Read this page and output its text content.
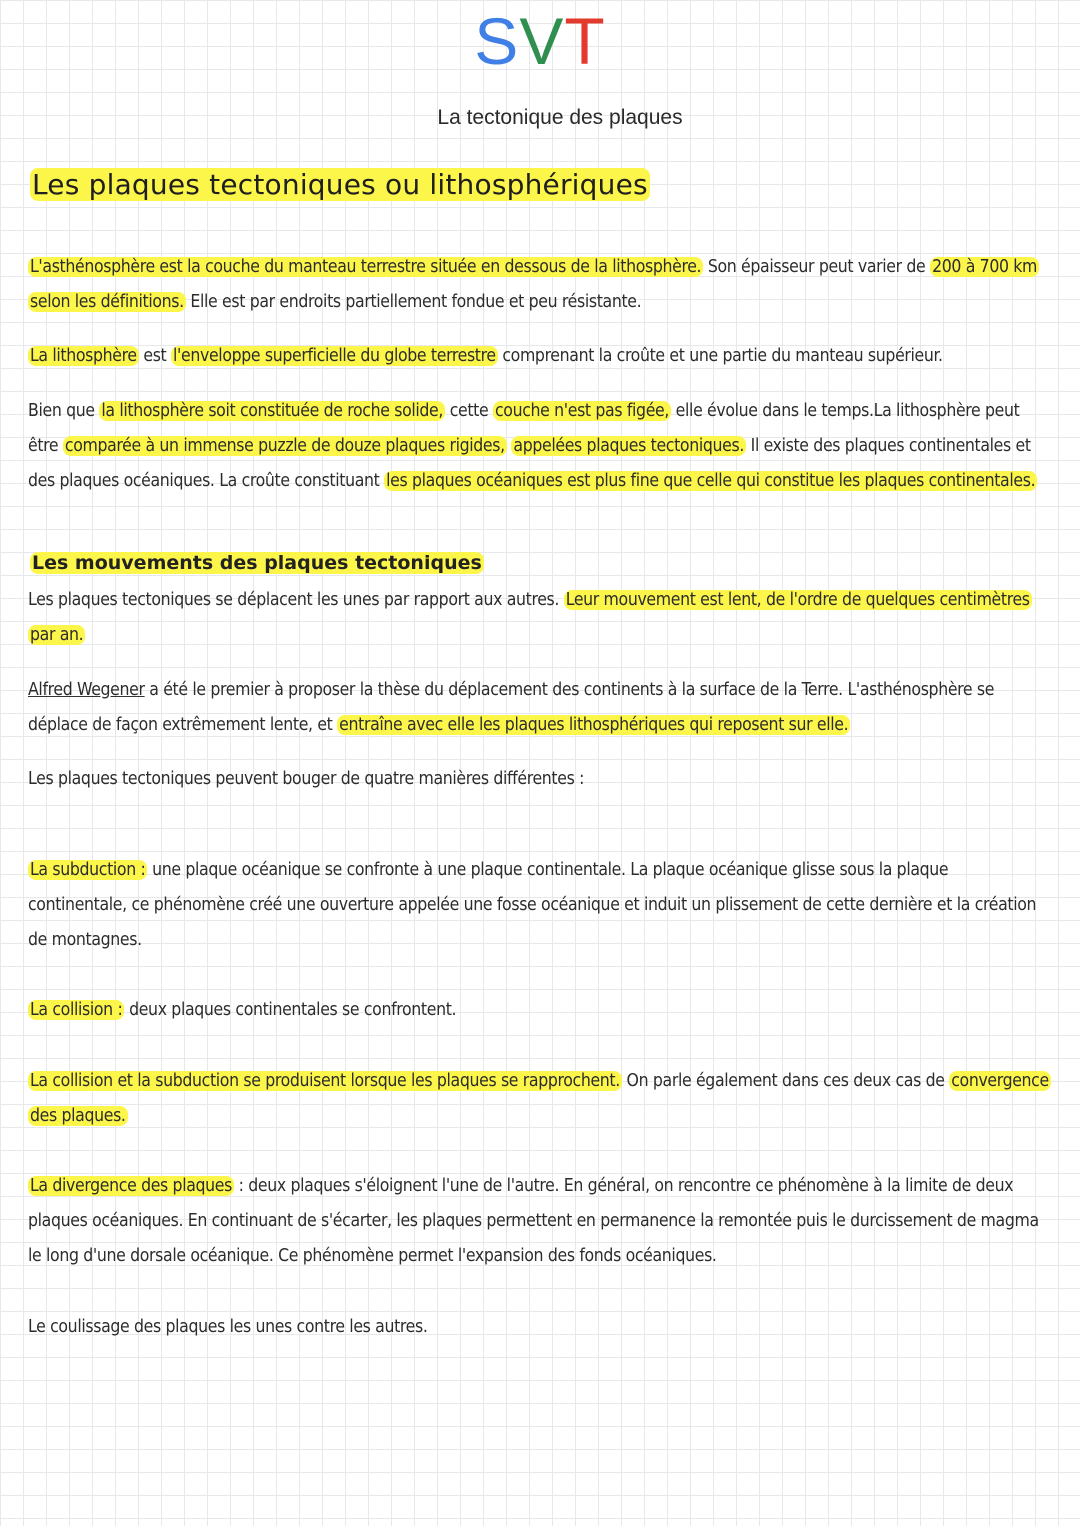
SVT
La tectonique des plaques
Les plaques tectoniques ou lithosphériques
L'asthénosphère est la couche du manteau terrestre située en dessous de la lithosphère. Son épaisseur peut varier de 200 à 700 km selon les définitions. Elle est par endroits partiellement fondue et peu résistante.
La lithosphère est l'enveloppe superficielle du globe terrestre comprenant la croûte et une partie du manteau supérieur.
Bien que la lithosphère soit constituée de roche solide, cette couche n'est pas figée, elle évolue dans le temps.La lithosphère peut être comparée à un immense puzzle de douze plaques rigides, appelées plaques tectoniques. Il existe des plaques continentales et des plaques océaniques. La croûte constituant les plaques océaniques est plus fine que celle qui constitue les plaques continentales.
Les mouvements des plaques tectoniques
Les plaques tectoniques se déplacent les unes par rapport aux autres. Leur mouvement est lent, de l'ordre de quelques centimètres par an.
Alfred Wegener a été le premier à proposer la thèse du déplacement des continents à la surface de la Terre. L'asthénosphère se déplace de façon extrêmement lente, et entraîne avec elle les plaques lithosphériques qui reposent sur elle.
Les plaques tectoniques peuvent bouger de quatre manières différentes :
La subduction : une plaque océanique se confronte à une plaque continentale. La plaque océanique glisse sous la plaque continentale, ce phénomène créé une ouverture appelée une fosse océanique et induit un plissement de cette dernière et la création de montagnes.
La collision : deux plaques continentales se confrontent.
La collision et la subduction se produisent lorsque les plaques se rapprochent. On parle également dans ces deux cas de convergence des plaques.
La divergence des plaques : deux plaques s'éloignent l'une de l'autre. En général, on rencontre ce phénomène à la limite de deux plaques océaniques. En continuant de s'écarter, les plaques permettent en permanence la remontée puis le durcissement de magma le long d'une dorsale océanique. Ce phénomène permet l'expansion des fonds océaniques.
Le coulissage des plaques les unes contre les autres.
